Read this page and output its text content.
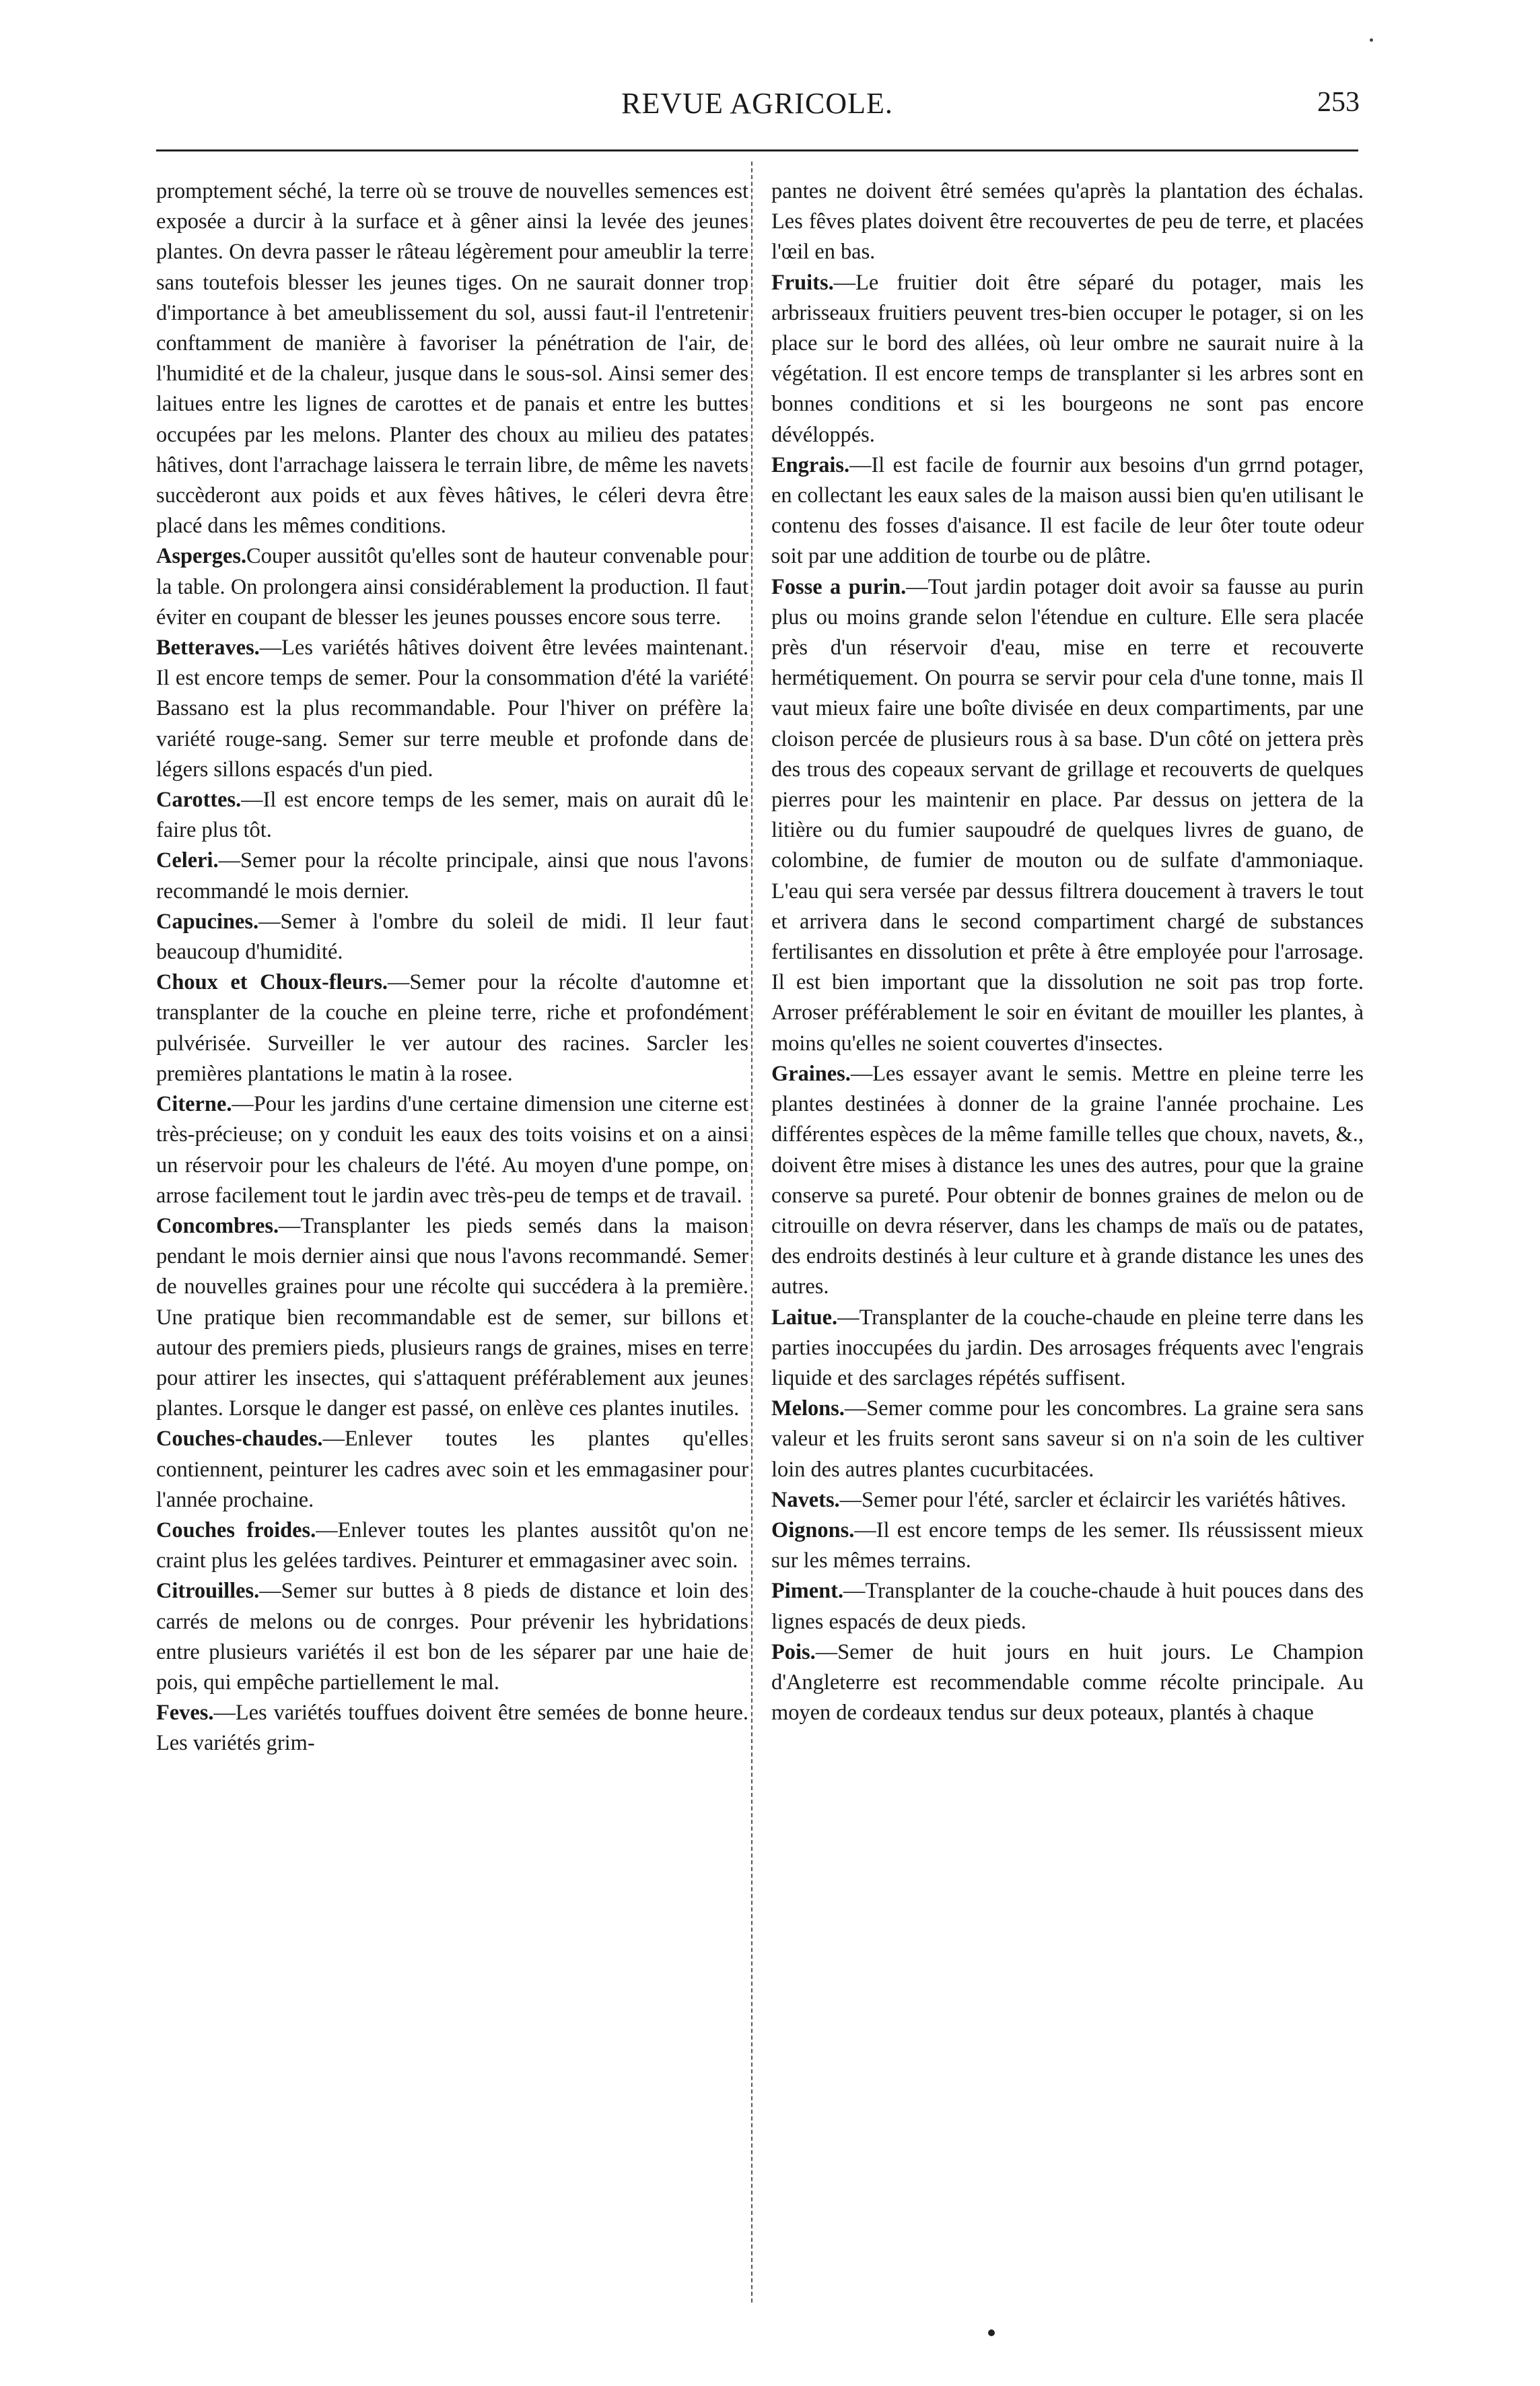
REVUE AGRICOLE.	253

promptement séché, la terre où se trouve de nouvelles semences est exposée a durcir à la surface et à gêner ainsi la levée des jeunes plantes. On devra passer le râteau légèrement pour ameublir la terre sans toutefois blesser les jeunes tiges. On ne saurait donner trop d'importance à bet ameublissement du sol, aussi faut-il l'entretenir conftamment de manière à favoriser la pénétration de l'air, de l'humidité et de la chaleur, jusque dans le sous-sol. Ainsi semer des laitues entre les lignes de carottes et de panais et entre les buttes occupées par les melons. Planter des choux au milieu des patates hâtives, dont l'arrachage laissera le terrain libre, de même les navets succèderont aux poids et aux fèves hâtives, le céleri devra être placé dans les mêmes conditions.

Asperges.Couper aussitôt qu'elles sont de hauteur convenable pour la table. On prolongera ainsi considérablement la production. Il faut éviter en coupant de blesser les jeunes pousses encore sous terre.

Betteraves.—Les variétés hâtives doivent être levées maintenant. Il est encore temps de semer. Pour la consommation d'été la variété Bassano est la plus recommandable. Pour l'hiver on préfère la variété rouge-sang. Semer sur terre meuble et profonde dans de légers sillons espacés d'un pied.

Carottes.—Il est encore temps de les semer, mais on aurait dû le faire plus tôt.

Celeri.—Semer pour la récolte principale, ainsi que nous l'avons recommandé le mois dernier.

Capucines.—Semer à l'ombre du soleil de midi. Il leur faut beaucoup d'humidité.

Choux et Choux-fleurs.—Semer pour la récolte d'automne et transplanter de la couche en pleine terre, riche et profondément pulvérisée. Surveiller le ver autour des racines. Sarcler les premières plantations le matin à la rosee.

Citerne.—Pour les jardins d'une certaine dimension une citerne est très-précieuse; on y conduit les eaux des toits voisins et on a ainsi un réservoir pour les chaleurs de l'été. Au moyen d'une pompe, on arrose facilement tout le jardin avec très-peu de temps et de travail.

Concombres.—Transplanter les pieds semés dans la maison pendant le mois dernier ainsi que nous l'avons recommandé. Semer de nouvelles graines pour une récolte qui succédera à la première. Une pratique bien recommandable est de semer, sur billons et autour des premiers pieds, plusieurs rangs de graines, mises en terre pour attirer les insectes, qui s'attaquent préférablement aux jeunes plantes. Lorsque le danger est passé, on enlève ces plantes inutiles.

Couches-chaudes.—Enlever toutes les plantes qu'elles contiennent, peinturer les cadres avec soin et les emmagasiner pour l'année prochaine.

Couches froides.—Enlever toutes les plantes aussitôt qu'on ne craint plus les gelées tardives. Peinturer et emmagasiner avec soin.

Citrouilles.—Semer sur buttes à 8 pieds de distance et loin des carrés de melons ou de conrges. Pour prévenir les hybridations entre plusieurs variétés il est bon de les séparer par une haie de pois, qui empêche partiellement le mal.

Feves.—Les variétés touffues doivent être semées de bonne heure. Les variétés grim-

pantes ne doivent êtré semées qu'après la plantation des échalas. Les fêves plates doivent être recouvertes de peu de terre, et placées l'œil en bas.

Fruits.—Le fruitier doit être séparé du potager, mais les arbrisseaux fruitiers peuvent tres-bien occuper le potager, si on les place sur le bord des allées, où leur ombre ne saurait nuire à la végétation. Il est encore temps de transplanter si les arbres sont en bonnes conditions et si les bourgeons ne sont pas encore dévéloppés.

Engrais.—Il est facile de fournir aux besoins d'un grrnd potager, en collectant les eaux sales de la maison aussi bien qu'en utilisant le contenu des fosses d'aisance. Il est facile de leur ôter toute odeur soit par une addition de tourbe ou de plâtre.

Fosse a purin.—Tout jardin potager doit avoir sa fausse au purin plus ou moins grande selon l'étendue en culture. Elle sera placée près d'un réservoir d'eau, mise en terre et recouverte hermétiquement. On pourra se servir pour cela d'une tonne, mais Il vaut mieux faire une boîte divisée en deux compartiments, par une cloison percée de plusieurs rous à sa base. D'un côté on jettera près des trous des copeaux servant de grillage et recouverts de quelques pierres pour les maintenir en place. Par dessus on jettera de la litière ou du fumier saupoudré de quelques livres de guano, de colombine, de fumier de mouton ou de sulfate d'ammoniaque. L'eau qui sera versée par dessus filtrera doucement à travers le tout et arrivera dans le second compartiment chargé de substances fertilisantes en dissolution et prête à être employée pour l'arrosage. Il est bien important que la dissolution ne soit pas trop forte. Arroser préférablement le soir en évitant de mouiller les plantes, à moins qu'elles ne soient couvertes d'insectes.

Graines.—Les essayer avant le semis. Mettre en pleine terre les plantes destinées à donner de la graine l'année prochaine. Les différentes espèces de la même famille telles que choux, navets, &., doivent être mises à distance les unes des autres, pour que la graine conserve sa pureté. Pour obtenir de bonnes graines de melon ou de citrouille on devra réserver, dans les champs de maïs ou de patates, des endroits destinés à leur culture et à grande distance les unes des autres.

Laitue.—Transplanter de la couche-chaude en pleine terre dans les parties inoccupées du jardin. Des arrosages fréquents avec l'engrais liquide et des sarclages répétés suffisent.

Melons.—Semer comme pour les concombres. La graine sera sans valeur et les fruits seront sans saveur si on n'a soin de les cultiver loin des autres plantes cucurbitacées.

Navets.—Semer pour l'été, sarcler et éclaircir les variétés hâtives.

Oignons.—Il est encore temps de les semer. Ils réussissent mieux sur les mêmes terrains.

Piment.—Transplanter de la couche-chaude à huit pouces dans des lignes espacés de deux pieds.

Pois.—Semer de huit jours en huit jours. Le Champion d'Angleterre est recommendable comme récolte principale. Au moyen de cordeaux tendus sur deux poteaux, plantés à chaque
